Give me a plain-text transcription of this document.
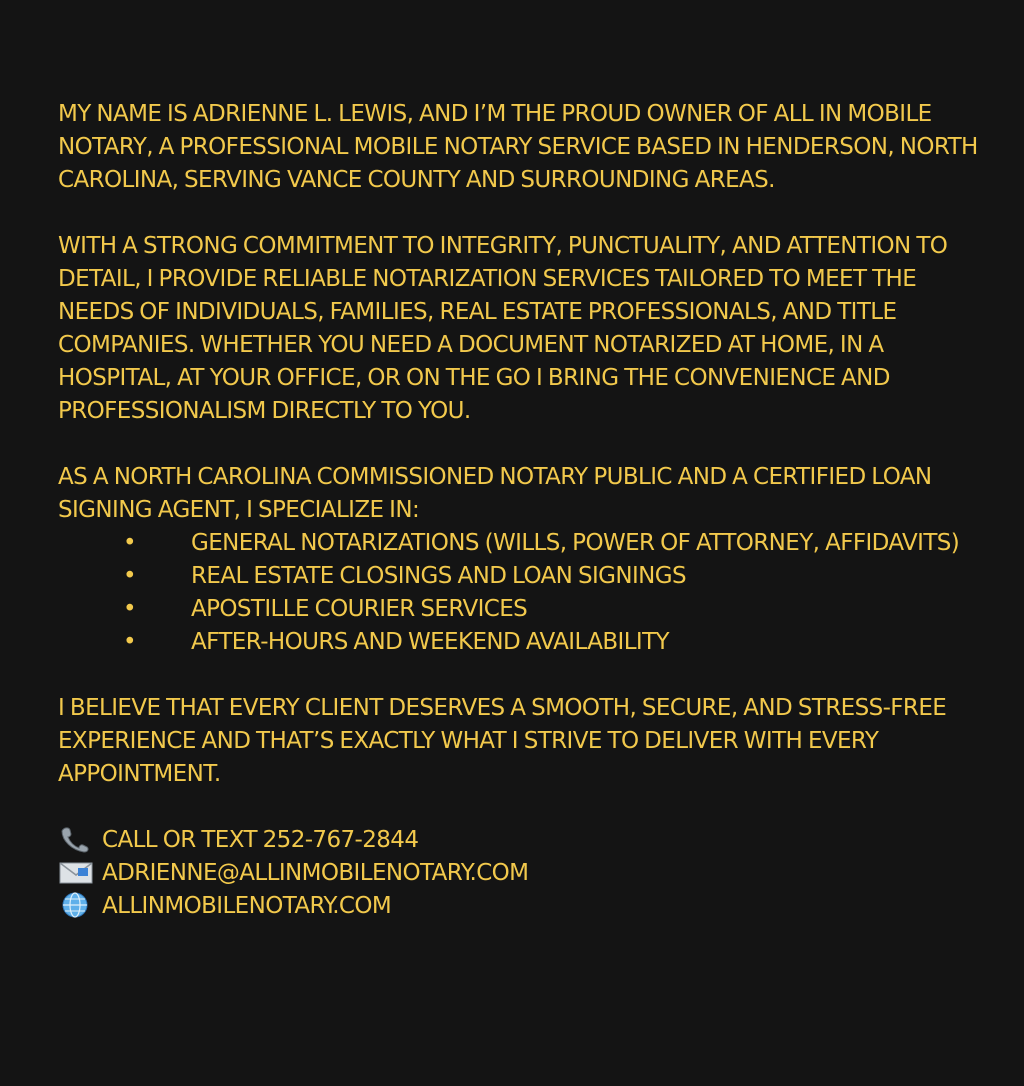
MY NAME IS ADRIENNE L. LEWIS, AND I’M THE PROUD OWNER OF ALL IN MOBILE NOTARY, A PROFESSIONAL MOBILE NOTARY SERVICE BASED IN HENDERSON, NORTH CAROLINA, SERVING VANCE COUNTY AND SURROUNDING AREAS.

WITH A STRONG COMMITMENT TO INTEGRITY, PUNCTUALITY, AND ATTENTION TO DETAIL, I PROVIDE RELIABLE NOTARIZATION SERVICES TAILORED TO MEET THE NEEDS OF INDIVIDUALS, FAMILIES, REAL ESTATE PROFESSIONALS, AND TITLE COMPANIES. WHETHER YOU NEED A DOCUMENT NOTARIZED AT HOME, IN A HOSPITAL, AT YOUR OFFICE, OR ON THE GO I BRING THE CONVENIENCE AND PROFESSIONALISM DIRECTLY TO YOU.

AS A NORTH CAROLINA COMMISSIONED NOTARY PUBLIC AND A CERTIFIED LOAN SIGNING AGENT, I SPECIALIZE IN:

• GENERAL NOTARIZATIONS (WILLS, POWER OF ATTORNEY, AFFIDAVITS)
• REAL ESTATE CLOSINGS AND LOAN SIGNINGS
• APOSTILLE COURIER SERVICES
• AFTER-HOURS AND WEEKEND AVAILABILITY

I BELIEVE THAT EVERY CLIENT DESERVES A SMOOTH, SECURE, AND STRESS-FREE EXPERIENCE AND THAT’S EXACTLY WHAT I STRIVE TO DELIVER WITH EVERY APPOINTMENT.

CALL OR TEXT 252-767-2844
ADRIENNE@ALLINMOBILENOTARY.COM
ALLINMOBILENOTARY.COM
